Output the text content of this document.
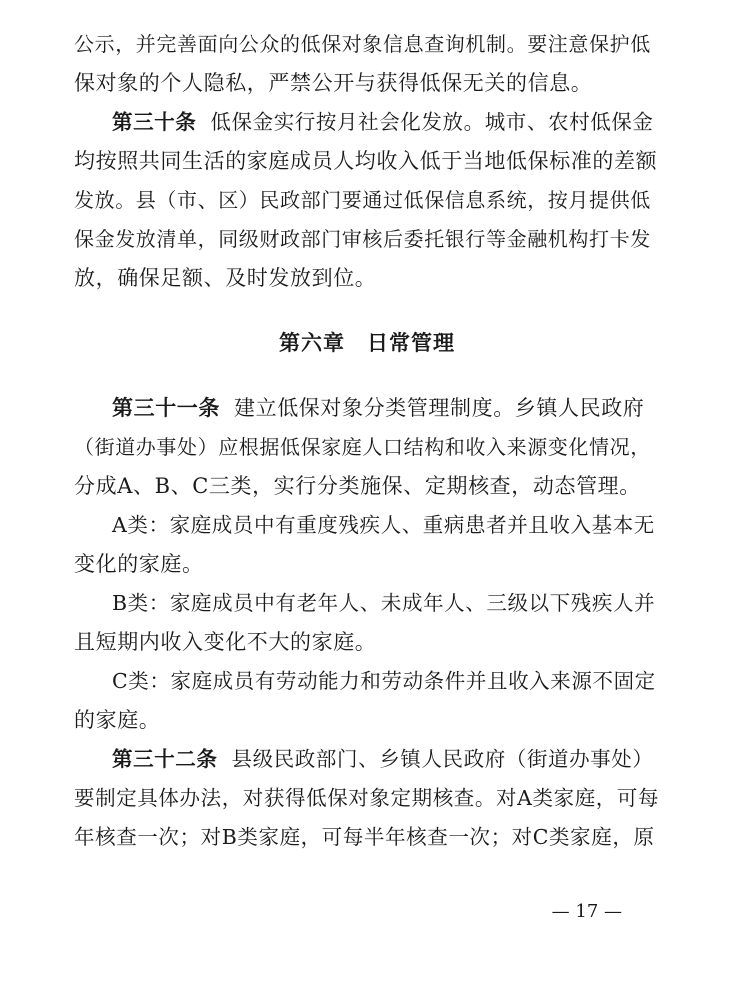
公示，并完善面向公众的低保对象信息查询机制。要注意保护低
保对象的个人隐私，严禁公开与获得低保无关的信息。
第三十条 低保金实行按月社会化发放。城市、农村低保金
均按照共同生活的家庭成员人均收入低于当地低保标准的差额
发放。县（市、区）民政部门要通过低保信息系统，按月提供低
保金发放清单，同级财政部门审核后委托银行等金融机构打卡发
放，确保足额、及时发放到位。
第六章 日常管理
第三十一条 建立低保对象分类管理制度。乡镇人民政府
（街道办事处）应根据低保家庭人口结构和收入来源变化情况，
分成A、B、C三类，实行分类施保、定期核查，动态管理。
A类：家庭成员中有重度残疾人、重病患者并且收入基本无
变化的家庭。
B类：家庭成员中有老年人、未成年人、三级以下残疾人并
且短期内收入变化不大的家庭。
C类：家庭成员有劳动能力和劳动条件并且收入来源不固定
的家庭。
第三十二条 县级民政部门、乡镇人民政府（街道办事处）
要制定具体办法，对获得低保对象定期核查。对A类家庭，可每
年核查一次；对B类家庭，可每半年核查一次；对C类家庭，原
— 17 —
